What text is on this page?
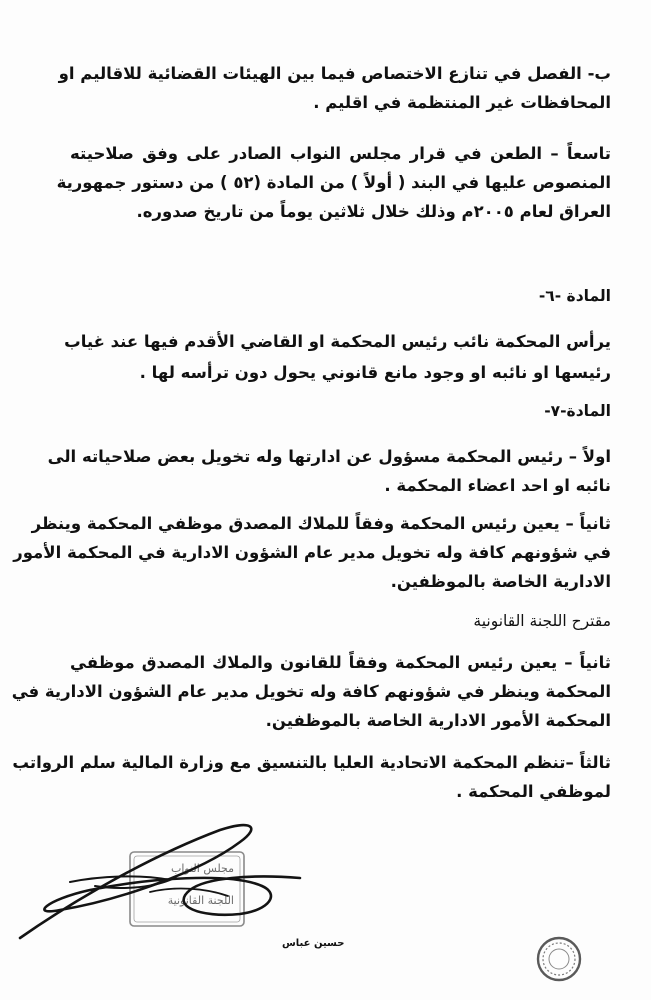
ب- الفصل في تنازع الاختصاص فيما بين الهيئات القضائية للاقاليم او
المحافظات غير المنتظمة في اقليم .
تاسعاً – الطعن في قرار مجلس النواب الصادر على وفق صلاحيته
المنصوص عليها في البند ( أولاً ) من المادة (٥٢ ) من دستور جمهورية
العراق لعام ٢٠٠٥م وذلك خلال ثلاثين يوماً من تاريخ صدوره.
المادة -٦-
يرأس المحكمة نائب رئيس المحكمة او القاضي الأقدم فيها عند غياب
رئيسها او نائبه او وجود مانع قانوني يحول دون ترأسه لها .
المادة-٧-
اولاً – رئيس المحكمة مسؤول عن ادارتها وله تخويل بعض صلاحياته الى
نائبه او احد اعضاء المحكمة .
ثانياً – يعين رئيس المحكمة وفقاً للملاك المصدق موظفي المحكمة وينظر
في شؤونهم كافة وله تخويل مدير عام الشؤون الادارية في المحكمة الأمور
الادارية الخاصة بالموظفين.
مقترح اللجنة القانونية
ثانياً – يعين رئيس المحكمة وفقاً للقانون والملاك المصدق موظفي
المحكمة وينظر في شؤونهم كافة وله تخويل مدير عام الشؤون الادارية في
المحكمة الأمور الادارية الخاصة بالموظفين.
ثالثاً –تنظم المحكمة الاتحادية العليا بالتنسيق مع وزارة المالية سلم الرواتب
لموظفي المحكمة .
مجلس النواب
اللجنة القانونية
حسين عباس
